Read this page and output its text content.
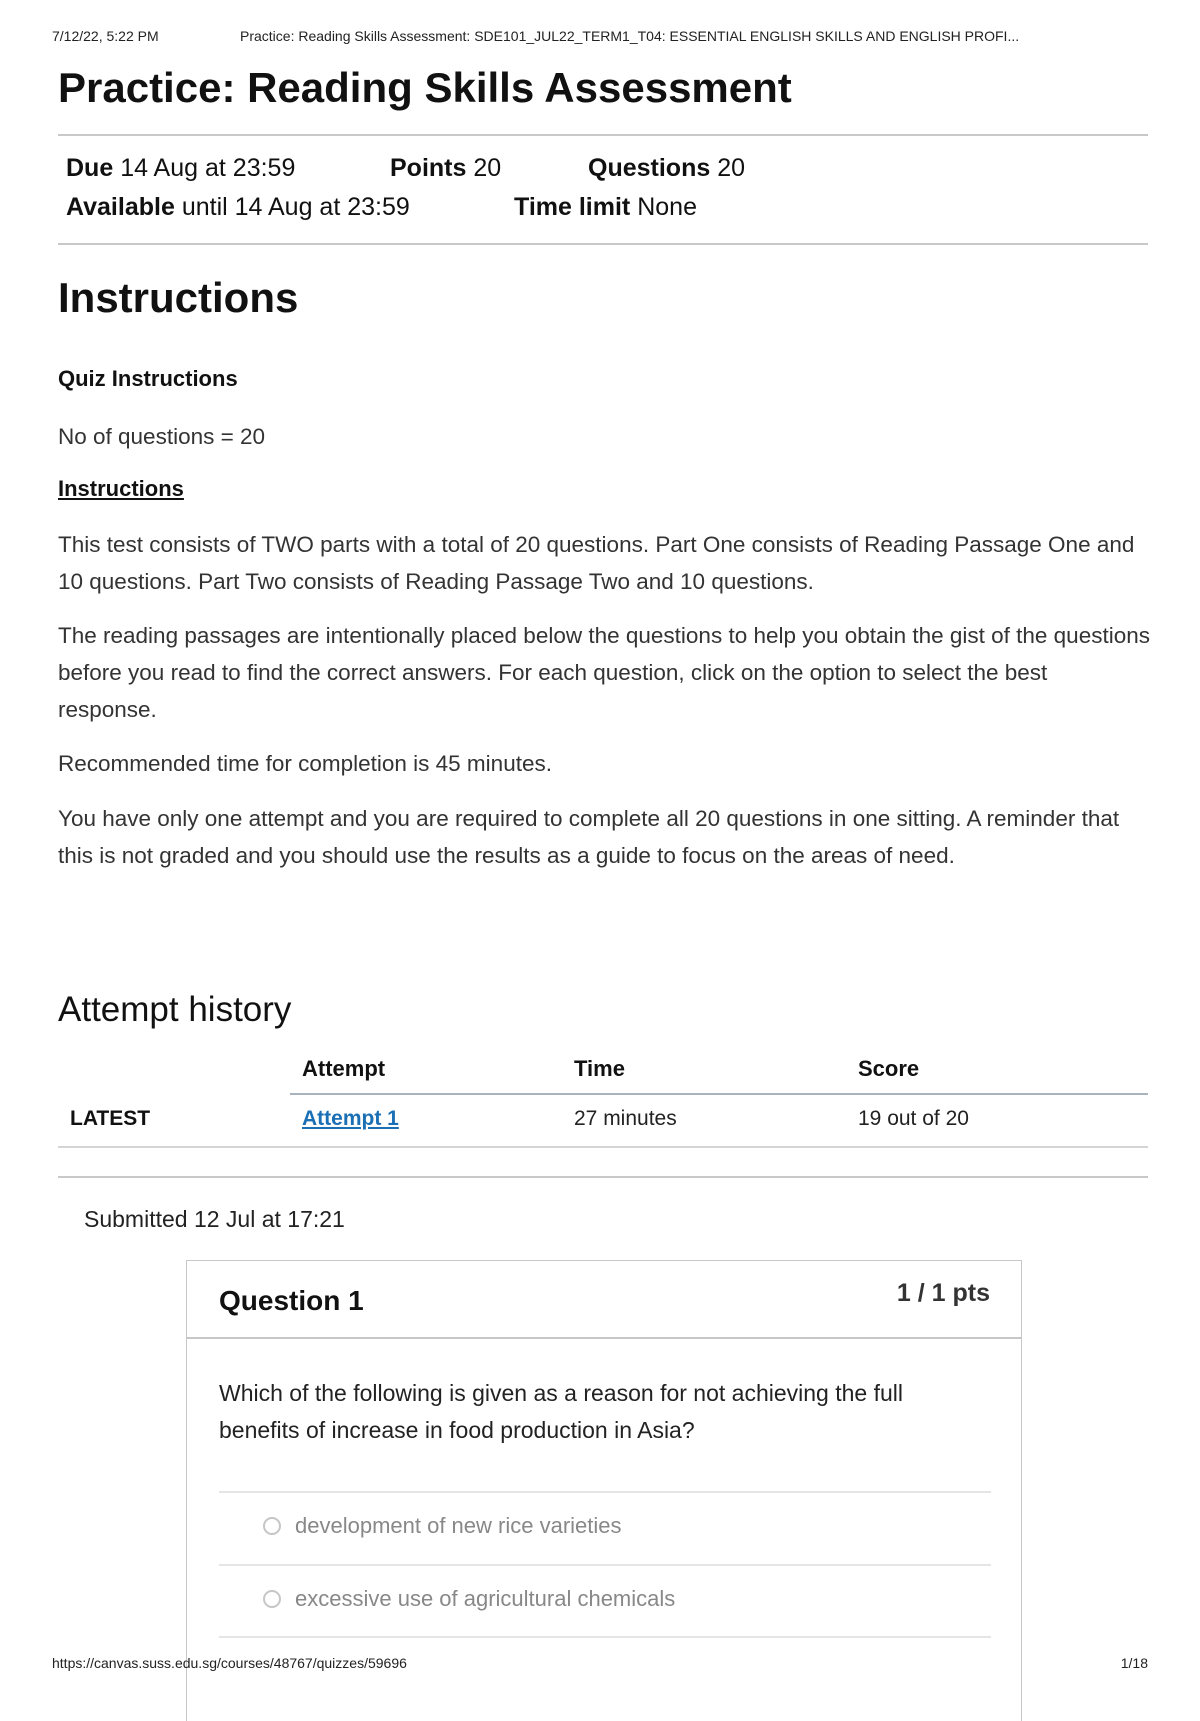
7/12/22, 5:22 PM	Practice: Reading Skills Assessment: SDE101_JUL22_TERM1_T04: ESSENTIAL ENGLISH SKILLS AND ENGLISH PROFI...
Practice: Reading Skills Assessment
Due 14 Aug at 23:59	Points 20	Questions 20
Available until 14 Aug at 23:59	Time limit None
Instructions
Quiz Instructions

No of questions = 20

Instructions

This test consists of TWO parts with a total of 20 questions. Part One consists of Reading Passage One and 10 questions. Part Two consists of Reading Passage Two and 10 questions.

The reading passages are intentionally placed below the questions to help you obtain the gist of the questions before you read to find the correct answers. For each question, click on the option to select the best response.

Recommended time for completion is 45 minutes.

You have only one attempt and you are required to complete all 20 questions in one sitting. A reminder that this is not graded and you should use the results as a guide to focus on the areas of need.

Attempt history
Attempt	Time	Score
LATEST	Attempt 1	27 minutes	19 out of 20
Submitted 12 Jul at 17:21
Question 1	1 / 1 pts

Which of the following is given as a reason for not achieving the full benefits of increase in food production in Asia?

development of new rice varieties
excessive use of agricultural chemicals
https://canvas.suss.edu.sg/courses/48767/quizzes/59696	1/18
